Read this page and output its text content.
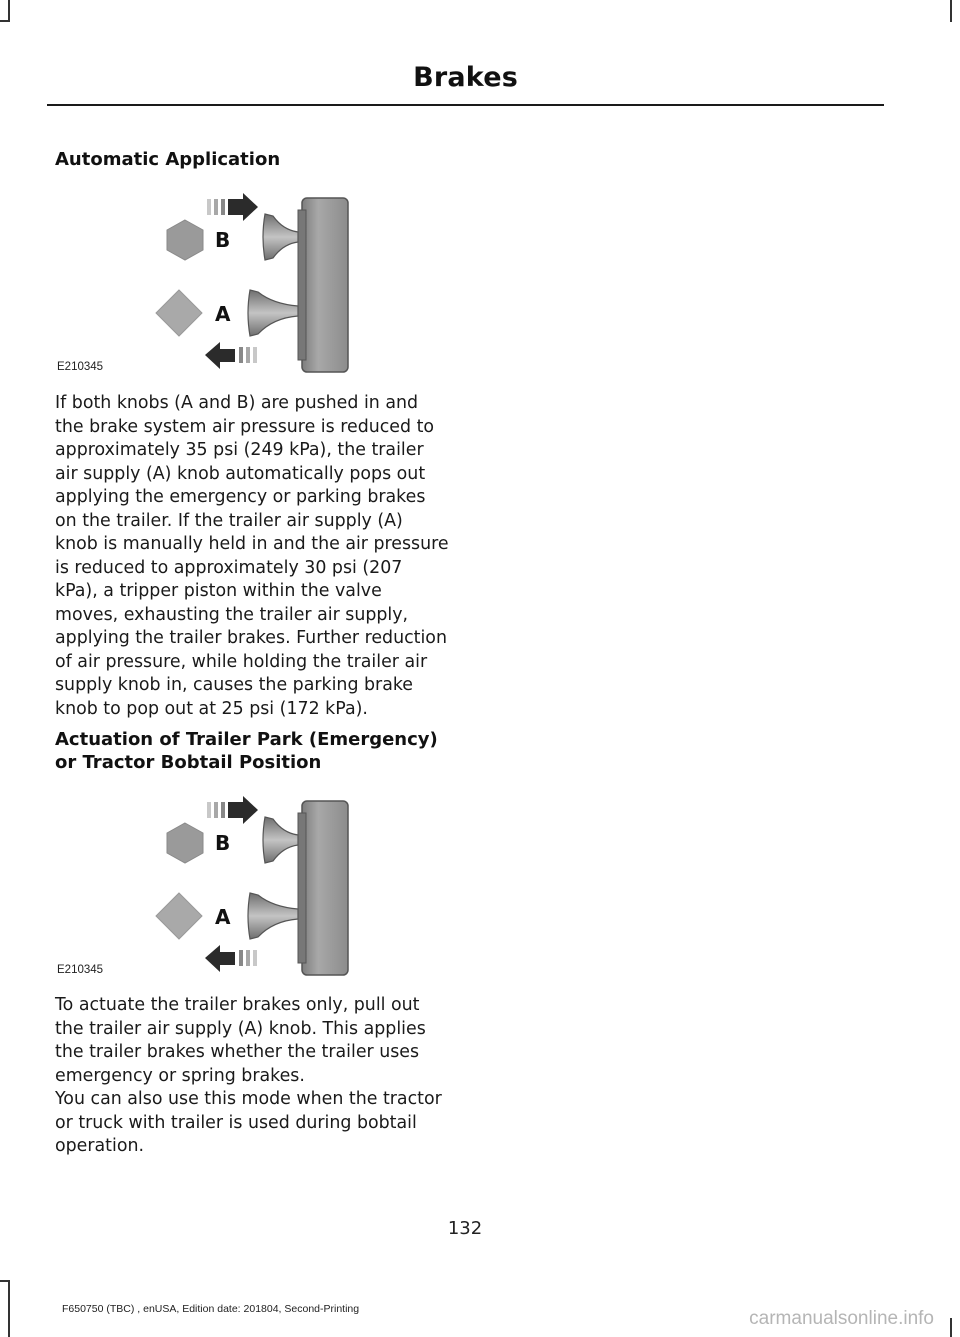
Brakes
Automatic Application
B
A
E210345

If both knobs (A and B) are pushed in and the brake system air pressure is reduced to approximately 35 psi (249 kPa), the trailer air supply (A) knob automatically pops out applying the emergency or parking brakes on the trailer. If the trailer air supply (A) knob is manually held in and the air pressure is reduced to approximately 30 psi (207 kPa), a tripper piston within the valve moves, exhausting the trailer air supply, applying the trailer brakes. Further reduction of air pressure, while holding the trailer air supply knob in, causes the parking brake knob to pop out at 25 psi (172 kPa).

Actuation of Trailer Park (Emergency) or Tractor Bobtail Position
B
A
E210345

To actuate the trailer brakes only, pull out the trailer air supply (A) knob. This applies the trailer brakes whether the trailer uses emergency or spring brakes.

You can also use this mode when the tractor or truck with trailer is used during bobtail operation.

132
F650750 (TBC) , enUSA, Edition date: 201804, Second-Printing	carmanualsonline.info
